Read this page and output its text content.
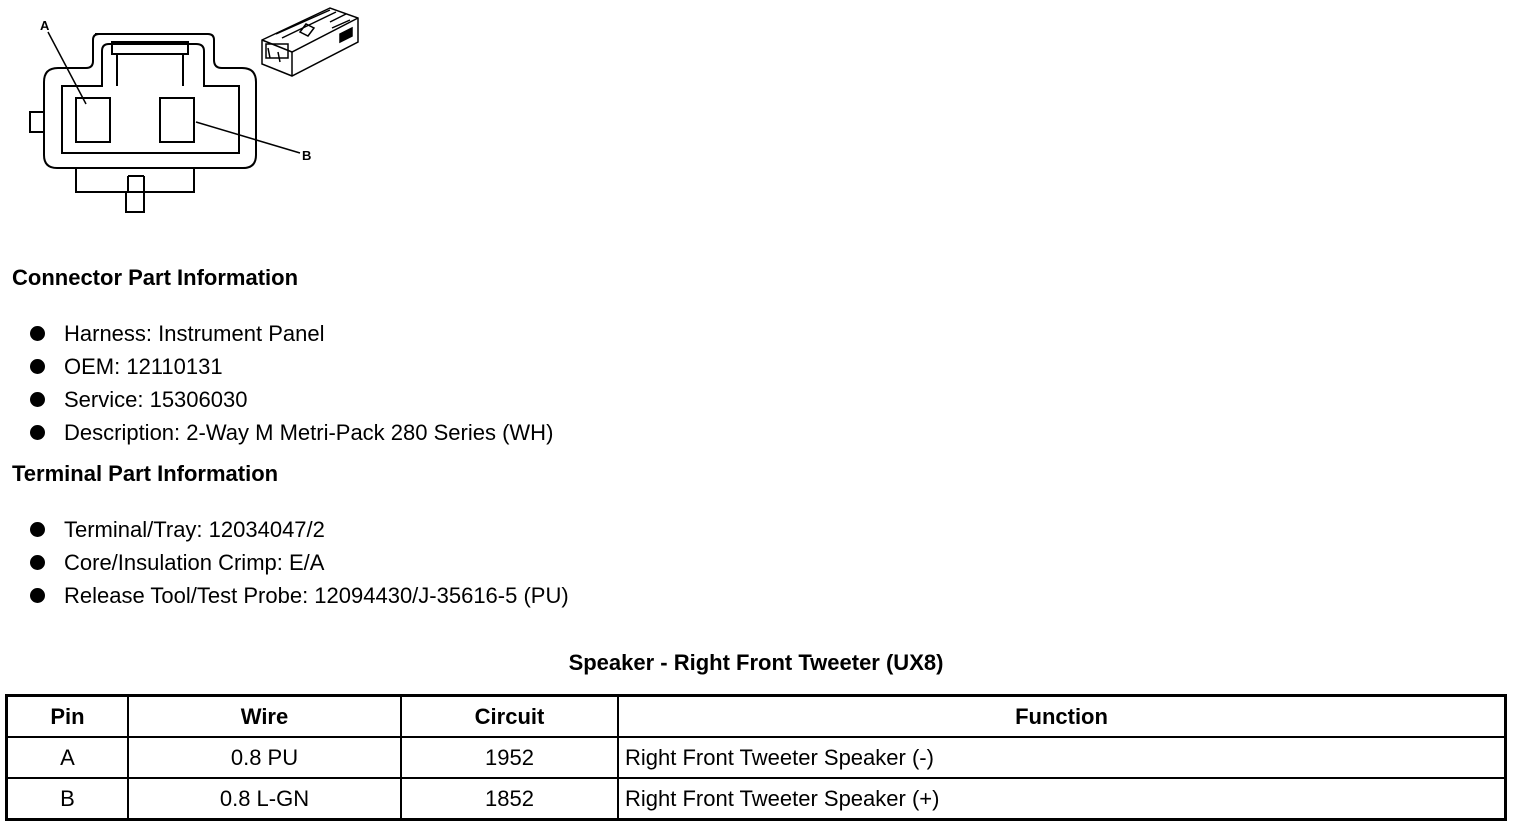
A
B
Connector Part Information
Harness: Instrument Panel
OEM: 12110131
Service: 15306030
Description: 2-Way M Metri-Pack 280 Series (WH)
Terminal Part Information
Terminal/Tray: 12034047/2
Core/Insulation Crimp: E/A
Release Tool/Test Probe: 12094430/J-35616-5 (PU)
Speaker - Right Front Tweeter (UX8)
Pin	Wire	Circuit	Function
A	0.8 PU	1952	Right Front Tweeter Speaker (-)
B	0.8 L-GN	1852	Right Front Tweeter Speaker (+)
